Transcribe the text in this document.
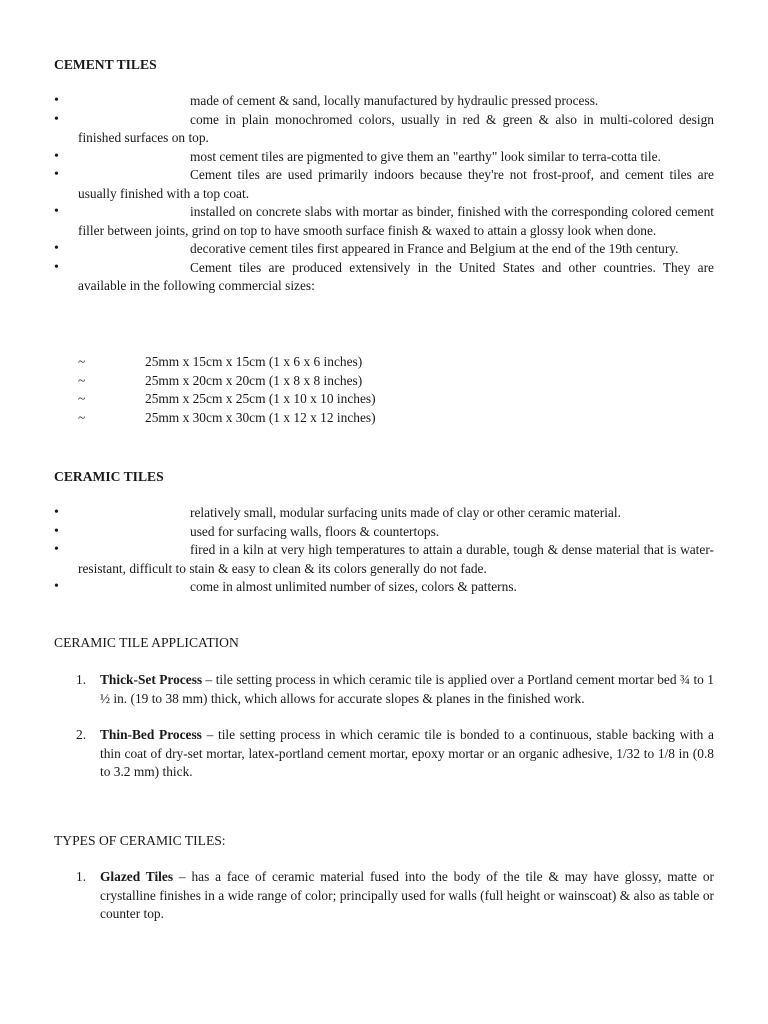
CEMENT TILES
•	made of cement & sand, locally manufactured by hydraulic pressed process.
•	come in plain monochromed colors, usually in red & green & also in multi-colored design finished surfaces on top.
•	most cement tiles are pigmented to give them an "earthy" look similar to terra-cotta tile.
•	Cement tiles are used primarily indoors because they're not frost-proof, and cement tiles are usually finished with a top coat.
•	installed on concrete slabs with mortar as binder, finished with the corresponding colored cement filler between joints, grind on top to have smooth surface finish & waxed to attain a glossy look when done.
•	decorative cement tiles first appeared in France and Belgium at the end of the 19th century.
•	Cement tiles are produced extensively in the United States and other countries. They are available in the following commercial sizes:
~	25mm x 15cm x 15cm (1 x 6 x 6 inches)
~	25mm x 20cm x 20cm (1 x 8 x 8 inches)
~	25mm x 25cm x 25cm (1 x 10 x 10 inches)
~	25mm x 30cm x 30cm (1 x 12 x 12 inches)
CERAMIC TILES
•	relatively small, modular surfacing units made of clay or other ceramic material.
•	used for surfacing walls, floors & countertops.
•	fired in a kiln at very high temperatures to attain a durable, tough & dense material that is water-resistant, difficult to stain & easy to clean & its colors generally do not fade.
•	come in almost unlimited number of sizes, colors & patterns.
CERAMIC TILE APPLICATION
1. Thick-Set Process – tile setting process in which ceramic tile is applied over a Portland cement mortar bed ¾ to 1 ½ in. (19 to 38 mm) thick, which allows for accurate slopes & planes in the finished work.
2. Thin-Bed Process – tile setting process in which ceramic tile is bonded to a continuous, stable backing with a thin coat of dry-set mortar, latex-portland cement mortar, epoxy mortar or an organic adhesive, 1/32 to 1/8 in (0.8 to 3.2 mm) thick.
TYPES OF CERAMIC TILES:
1. Glazed Tiles – has a face of ceramic material fused into the body of the tile & may have glossy, matte or crystalline finishes in a wide range of color; principally used for walls (full height or wainscoat) & also as table or counter top.
